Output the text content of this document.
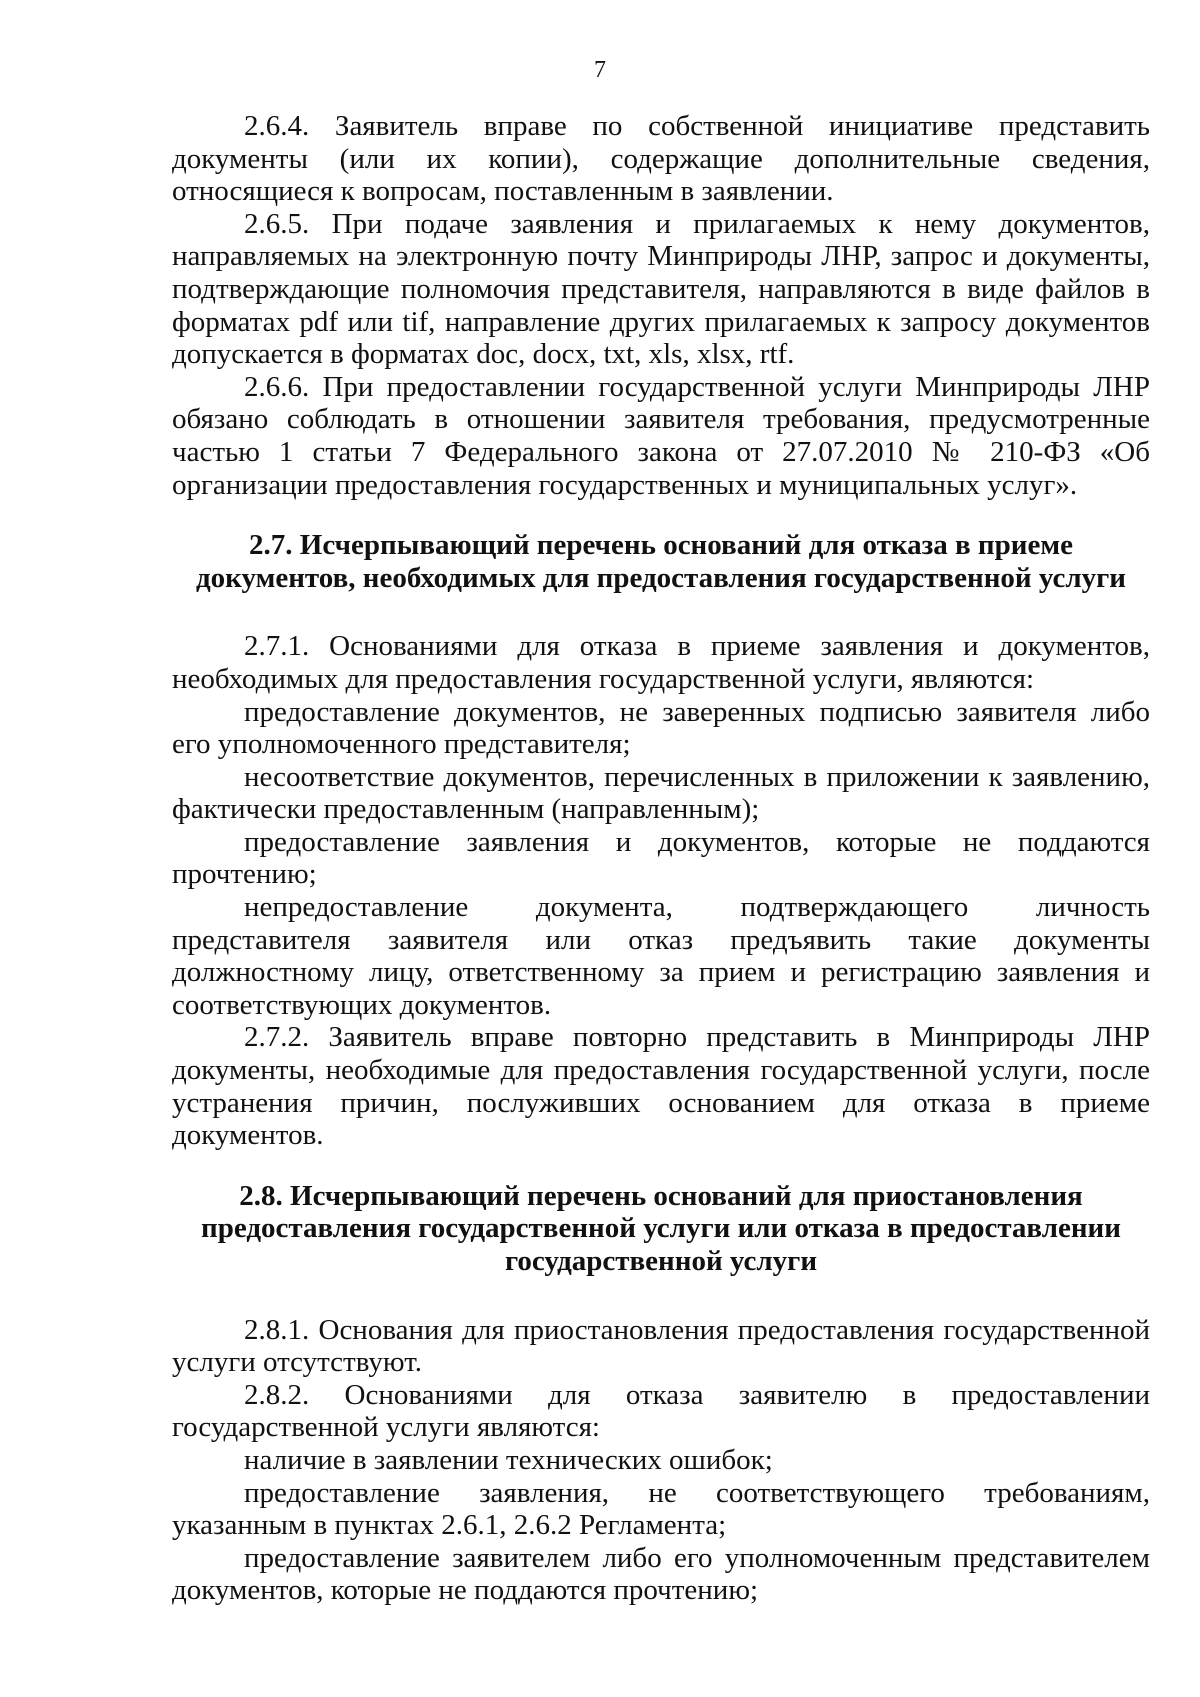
7

2.6.4. Заявитель вправе по собственной инициативе представить документы (или их копии), содержащие дополнительные сведения, относящиеся к вопросам, поставленным в заявлении.

2.6.5. При подаче заявления и прилагаемых к нему документов, направляемых на электронную почту Минприроды ЛНР, запрос и документы, подтверждающие полномочия представителя, направляются в виде файлов в форматах pdf или tif, направление других прилагаемых к запросу документов допускается в форматах doc, docx, txt, xls, xlsx, rtf.

2.6.6. При предоставлении государственной услуги Минприроды ЛНР обязано соблюдать в отношении заявителя требования, предусмотренные частью 1 статьи 7 Федерального закона от 27.07.2010 № 210-ФЗ «Об организации предоставления государственных и муниципальных услуг».

2.7. Исчерпывающий перечень оснований для отказа в приеме документов, необходимых для предоставления государственной услуги

2.7.1. Основаниями для отказа в приеме заявления и документов, необходимых для предоставления государственной услуги, являются:

предоставление документов, не заверенных подписью заявителя либо его уполномоченного представителя;

несоответствие документов, перечисленных в приложении к заявлению, фактически предоставленным (направленным);

предоставление заявления и документов, которые не поддаются прочтению;

непредоставление документа, подтверждающего личность представителя заявителя или отказ предъявить такие документы должностному лицу, ответственному за прием и регистрацию заявления и соответствующих документов.

2.7.2. Заявитель вправе повторно представить в Минприроды ЛНР документы, необходимые для предоставления государственной услуги, после устранения причин, послуживших основанием для отказа в приеме документов.

2.8. Исчерпывающий перечень оснований для приостановления предоставления государственной услуги или отказа в предоставлении государственной услуги

2.8.1. Основания для приостановления предоставления государственной услуги отсутствуют.

2.8.2. Основаниями для отказа заявителю в предоставлении государственной услуги являются:

наличие в заявлении технических ошибок;

предоставление заявления, не соответствующего требованиям, указанным в пунктах 2.6.1, 2.6.2 Регламента;

предоставление заявителем либо его уполномоченным представителем документов, которые не поддаются прочтению;
